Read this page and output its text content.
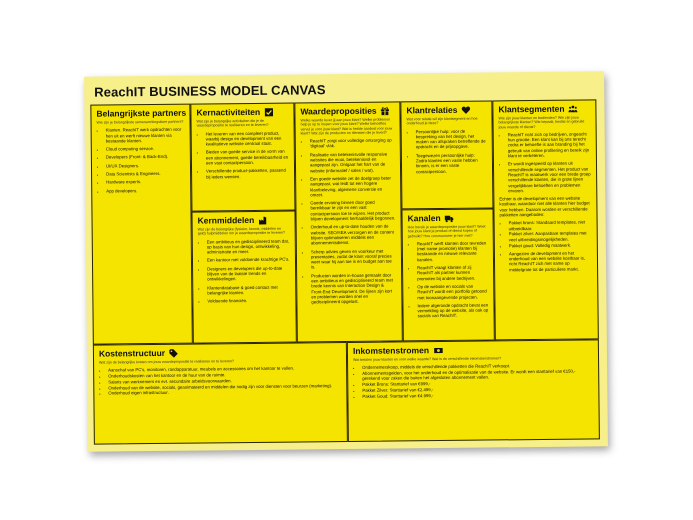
ReachIT BUSINESS MODEL CANVAS
Belangrijkste partners
Wie zijn je belangrijkste samenwerkingsbare partners?
• Klanten. ReachIT werk opdrachten voor hen uit en werft nieuwe klanten via bestaande klanten.
• Cloud computing service.
• Developers (Front- & Back-End).
• UI/UX Designers.
• Data Scientists & Engineers.
• Hardware experts.
• App developers.
Kernactiviteiten
Wat zijn je belangrijke activiteiten die je de waardepropositie te realiseren en te leveren?
• Het leveren van een compleet product, waarbij design en development van een kwalitatieve website centraal staat.
• Bieden van goede service in de vorm van een abonnement, goede bereikbaarheid en een vast contactpersoon.
• Verschillende product-pakketten, passend bij ieders wensen.
Kernmiddelen
Wat zijn de belangrijke (fysieke, kennis, middelen en geld) hulpmiddelen om je waardepropositie te leveren?
• Een ambitieus en gedisciplineerd team dat, op basis van hun design, ontwikkeling, administratie en meer.
• Een kantoor met voldoende krachtige PC's.
• Designers en developers die up-to-date blijven van de laatste trends en ontwikkelingen.
• Klantendatabase & goed contact met belangrijke klanten.
• Voldoende financiën.
Waardeproposities
Welke waarde lever jij aan jouw klant? Welke problemen help je op te lossen voor jouw klant? Welke behoeftes vervul je voor jouw klant? Wat is het/de aanbod voor jouw klant? Wat zijn de producten en diensten die je levert?
• ReachIT zorgt voor volledige ontzorging op 'digitaal' vlak.
• Realisatie van betekenisvolle responsive websites die mooi, betekenisvol en aangepast zijn. Ontgaat het hart van de website (informatief / sales / wat).
• Een goede website zet de doelgroep beter aangepast, wat leidt tot een hogere klantbeleving, algemene conversie en omzet.
• Goede ervaring binnen door goed bereikbaar te zijn en een vast contactpersoon toe te wijzen. Het product blijven development herhaaldelijk begonnen.
• Onderhoud en up-to-date houden van de website. SEO/SEA verzorgen en de content blijven optimaliseren middels een abonnementsdienst.
• Scherp advies geven en voorkeur met presentaties, zodat de klant vooraf precies weet waar hij aan toe is en budget aan toe is.
• Producten worden in-house gemaakt door een ambitieus en gedisciplineerd team met brede kennis van Interaction Design & Front-End Development. De lijnen zijn kort en problemen worden snel en gedisciplineerd opgelost.
Klantrelaties
Wat voor relatie wil zijn klantsegment en hoe onderhoud je deze?
• Persoonlijke hulp: voor de bespreking van het design, het maken van afspraken betreffende de opdracht en de prijsopgave.
• Toegewezen persoonlijke hulp: Zodra klanten een vaste hebben binnen, is er een vaste contactpersoon.
Kanalen
Hoe bereik je waardepropositie jouw klant? Weet hoe jouw klant je product of dienst kopen of gebruikt? Hoe communiceer je hier met?
• ReachIT werft klanten door tevreden (met name promotie) klanten bij bestaande en nieuwe relevante kanalen.
• ReachIT vraagt klanten of zij ReachIT als partner kunnen promoten bij andere bedrijven.
• Op de website en socials van ReachIT wordt een portfolio getoond met toonaangevende projecten.
• Iedere afgeronde opdracht bevat een vermelding op de website, als ook op socials van ReachIT.
Klantsegmenten
Wie zijn jouw klanten en bedienden? Wie zijn jouw belangrijkste klanten? Wie bepaalt, beslist en gebruikt jouw waarde of dienst?
• ReachIT richt zich op bedrijven, ongeacht hun grootte. Een klant kan bij ons terecht zodra er behoefte is aan branding bij het gebruik van online profilering en bereik zijn klant te verbeteren.
• Er wordt ingespeeld op klanten uit verschillende segmenten. Het product van ReachIT is maatwerk voor een brede groep verschillende klanten, die in grote lijnen vergelijkbare behoeften en problemen ervaren.

Echter is de development van een website kostbaar, waardoor niet alle klanten hier budget voor hebben. Daarom worden er verschillende pakketten aangeboden:

• Pakket brons: Standaard templates, niet uitbreidbaar.
• Pakket zilver: Aanpasbare templates met veel uitbreidingsmogelijkheden.
• Pakket goud: Volledig maatwerk.
• Aangezien de development en het onderhoud van een website kostbaar is, richt ReachIT zich met name op middelgrote tot de particuliere markt.
Kostenstructuur
Wat zijn de belangrijke kosten om jouw waardepropositie te realiseren en te leveren?
• Aanschaf van PC's, monitoren, randapparatuur, meubels en accessoires om het kantoor te vullen.
• Onderhoudskosten van het kantoor en de huur van de ruimte.
• Salaris van werknemers en evt. secundaire arbeidsvoorwaarden.
• Onderhoud van de website, socials, geanimateerd en middelen die nodig zijn voor diensten voor beurzen (marketing).
• Onderhoud eigen infrastructuur.
Inkomstenstromen
Wat betalen jouw klanten en voor welke waarde? Wat is de verschillende inkomstenstromen?
• Ondernemerskoop, middels de verschillende pakketten die ReachIT verkoopt.
• Abonnementsgelden, voor het onderhoud en de optimalisatie van de website. Er wordt een starttarief van €150,- gerekend voor zaken die buiten het afgesloten abonnement vallen.
• Pakket Brons: Starttarief van €999,-
• Pakket Zilver: Starttarief van €2.499,-
• Pakket Goud: Starttarief van €4.999,-
